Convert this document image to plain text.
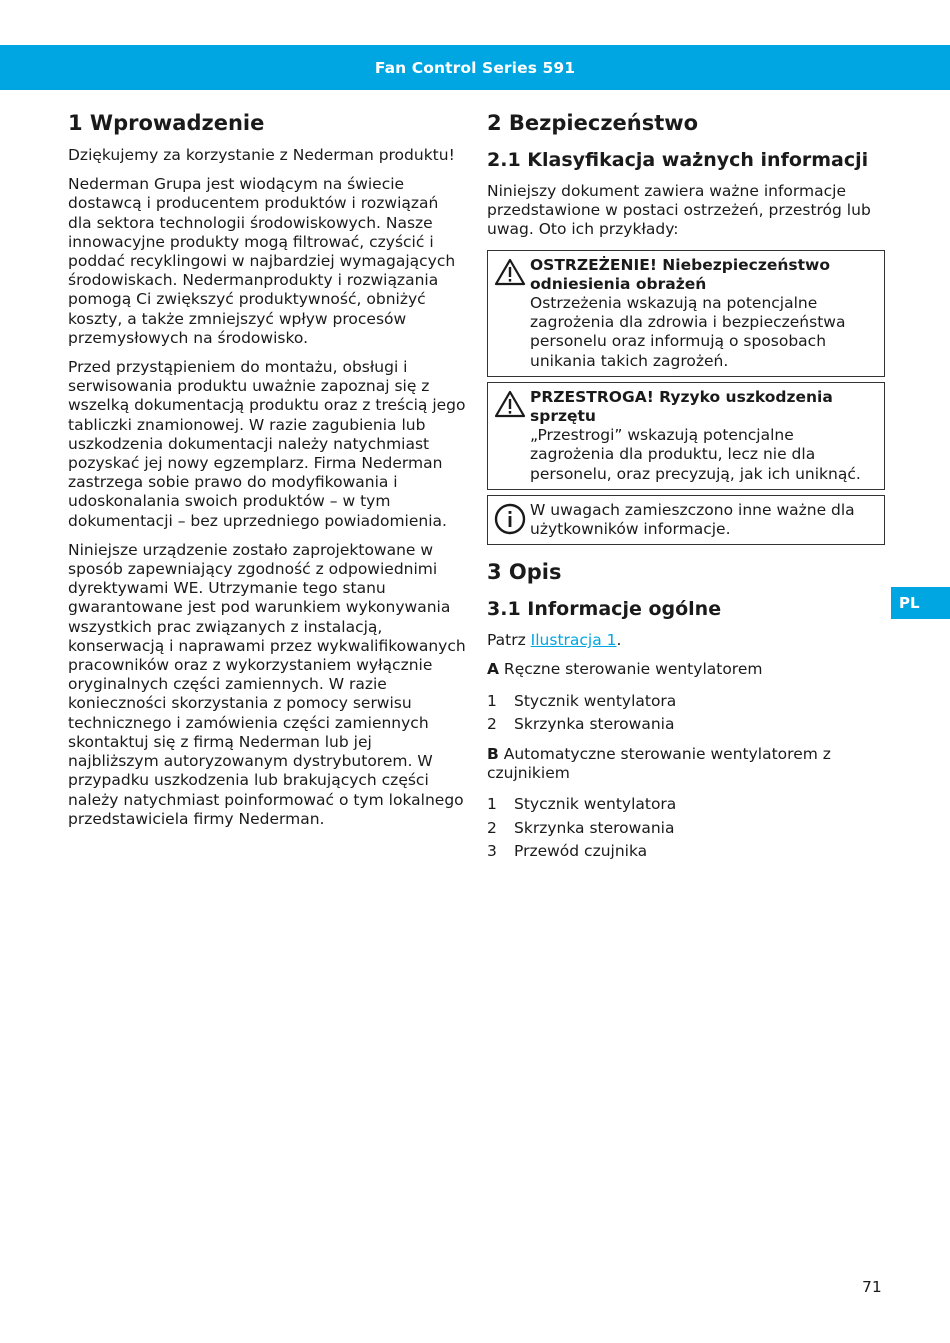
Fan Control Series 591
1 Wprowadzenie

Dziękujemy za korzystanie z Nederman produktu!

Nederman Grupa jest wiodącym na świecie dostawcą i producentem produktów i rozwiązań dla sektora technologii środowiskowych. Nasze innowacyjne produkty mogą filtrować, czyścić i poddać recyklingowi w najbardziej wymagających środowiskach. Nedermanprodukty i rozwiązania pomogą Ci zwiększyć produktywność, obniżyć koszty, a także zmniejszyć wpływ procesów przemysłowych na środowisko.

Przed przystąpieniem do montażu, obsługi i serwisowania produktu uważnie zapoznaj się z wszelką dokumentacją produktu oraz z treścią jego tabliczki znamionowej. W razie zagubienia lub uszkodzenia dokumentacji należy natychmiast pozyskać jej nowy egzemplarz. Firma Nederman zastrzega sobie prawo do modyfikowania i udoskonalania swoich produktów – w tym dokumentacji – bez uprzedniego powiadomienia.

Niniejsze urządzenie zostało zaprojektowane w sposób zapewniający zgodność z odpowiednimi dyrektywami WE. Utrzymanie tego stanu gwarantowane jest pod warunkiem wykonywania wszystkich prac związanych z instalacją, konserwacją i naprawami przez wykwalifikowanych pracowników oraz z wykorzystaniem wyłącznie oryginalnych części zamiennych. W razie konieczności skorzystania z pomocy serwisu technicznego i zamówienia części zamiennych skontaktuj się z firmą Nederman lub jej najbliższym autoryzowanym dystrybutorem. W przypadku uszkodzenia lub brakujących części należy natychmiast poinformować o tym lokalnego przedstawiciela firmy Nederman.

2 Bezpieczeństwo
2.1 Klasyfikacja ważnych informacji

Niniejszy dokument zawiera ważne informacje przedstawione w postaci ostrzeżeń, przestróg lub uwag. Oto ich przykłady:

OSTRZEŻENIE! Niebezpieczeństwo odniesienia obrażeń
Ostrzeżenia wskazują na potencjalne zagrożenia dla zdrowia i bezpieczeństwa personelu oraz informują o sposobach unikania takich zagrożeń.
PRZESTROGA! Ryzyko uszkodzenia sprzętu
„Przestrogi” wskazują potencjalne zagrożenia dla produktu, lecz nie dla personelu, oraz precyzują, jak ich uniknąć.
W uwagach zamieszczono inne ważne dla użytkowników informacje.
3 Opis
3.1 Informacje ogólne

Patrz Ilustracja 1.

A Ręczne sterowanie wentylatorem

1	Stycznik wentylatora
2	Skrzynka sterowania

B Automatyczne sterowanie wentylatorem z czujnikiem

1	Stycznik wentylatora
2	Skrzynka sterowania
3	Przewód czujnika
PL
71
